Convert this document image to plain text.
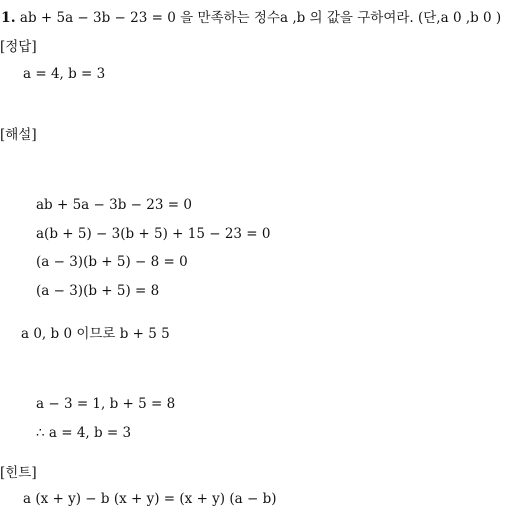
1. ab + 5a − 3b − 23 = 0 을 만족하는 정수a ,b 의 값을 구하여라. (단,a 0 ,b 0 )
[정답]
a = 4, b = 3
[해설]
ab + 5a − 3b − 23 = 0
a(b + 5) − 3(b + 5) + 15 − 23 = 0
(a − 3)(b + 5) − 8 = 0
(a − 3)(b + 5) = 8
a 0, b 0 이므로 b + 5 5
a − 3 = 1, b + 5 = 8
∴ a = 4, b = 3
[힌트]
a (x + y) − b (x + y) = (x + y) (a − b)
